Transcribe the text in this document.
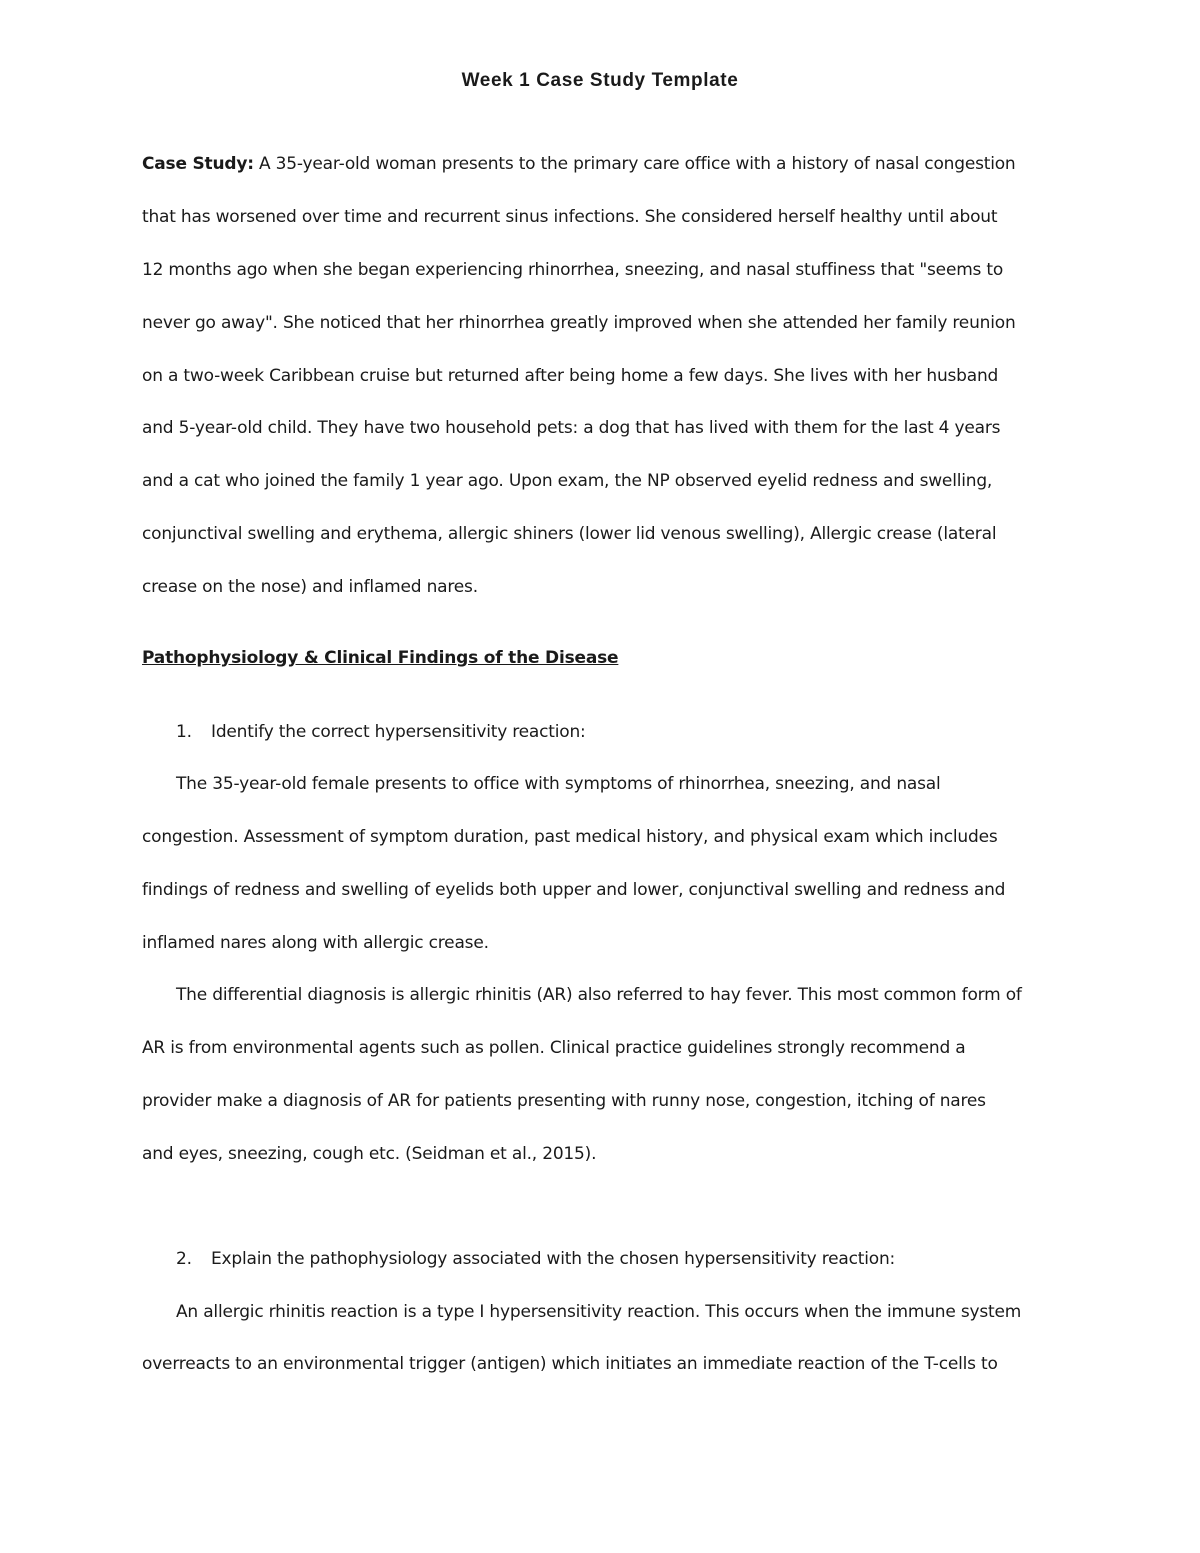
Week 1 Case Study Template

Case Study: A 35-year-old woman presents to the primary care office with a history of nasal congestion

that has worsened over time and recurrent sinus infections. She considered herself healthy until about

12 months ago when she began experiencing rhinorrhea, sneezing, and nasal stuffiness that "seems to

never go away". She noticed that her rhinorrhea greatly improved when she attended her family reunion

on a two-week Caribbean cruise but returned after being home a few days. She lives with her husband

and 5-year-old child. They have two household pets: a dog that has lived with them for the last 4 years

and a cat who joined the family 1 year ago. Upon exam, the NP observed eyelid redness and swelling,

conjunctival swelling and erythema, allergic shiners (lower lid venous swelling), Allergic crease (lateral

crease on the nose) and inflamed nares.

Pathophysiology & Clinical Findings of the Disease

1. Identify the correct hypersensitivity reaction:

The 35-year-old female presents to office with symptoms of rhinorrhea, sneezing, and nasal

congestion. Assessment of symptom duration, past medical history, and physical exam which includes

findings of redness and swelling of eyelids both upper and lower, conjunctival swelling and redness and

inflamed nares along with allergic crease.

The differential diagnosis is allergic rhinitis (AR) also referred to hay fever. This most common form of

AR is from environmental agents such as pollen. Clinical practice guidelines strongly recommend a

provider make a diagnosis of AR for patients presenting with runny nose, congestion, itching of nares

and eyes, sneezing, cough etc. (Seidman et al., 2015).

2. Explain the pathophysiology associated with the chosen hypersensitivity reaction:

An allergic rhinitis reaction is a type I hypersensitivity reaction. This occurs when the immune system

overreacts to an environmental trigger (antigen) which initiates an immediate reaction of the T-cells to
